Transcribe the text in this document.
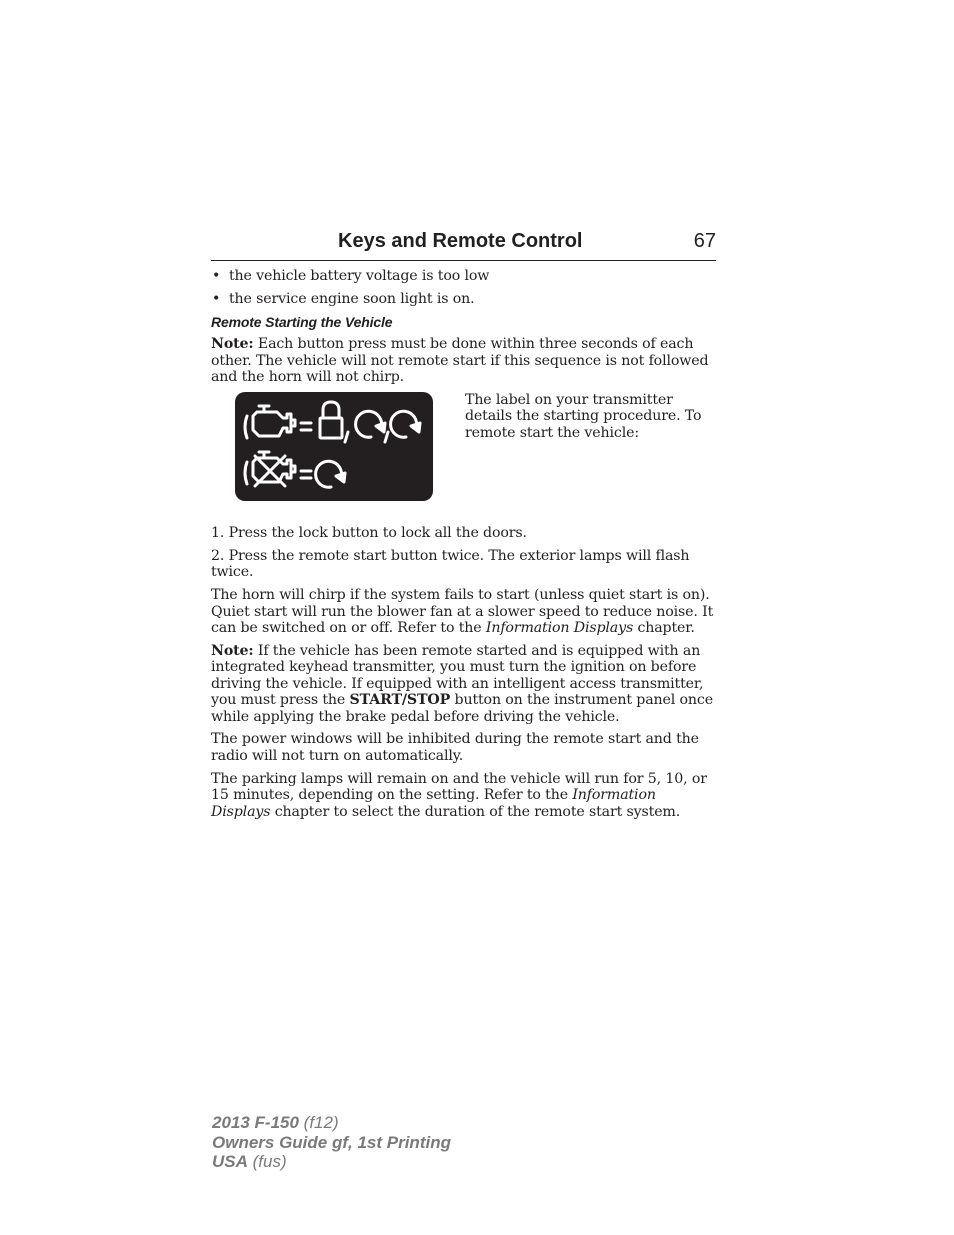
Keys and Remote Control	67
• the vehicle battery voltage is too low
• the service engine soon light is on.
Remote Starting the Vehicle

Note: Each button press must be done within three seconds of each other. The vehicle will not remote start if this sequence is not followed and the horn will not chirp.

The label on your transmitter details the starting procedure. To remote start the vehicle:

1. Press the lock button to lock all the doors.

2. Press the remote start button twice. The exterior lamps will flash twice.

The horn will chirp if the system fails to start (unless quiet start is on). Quiet start will run the blower fan at a slower speed to reduce noise. It can be switched on or off. Refer to the Information Displays chapter.

Note: If the vehicle has been remote started and is equipped with an integrated keyhead transmitter, you must turn the ignition on before driving the vehicle. If equipped with an intelligent access transmitter, you must press the START/STOP button on the instrument panel once while applying the brake pedal before driving the vehicle.

The power windows will be inhibited during the remote start and the radio will not turn on automatically.

The parking lamps will remain on and the vehicle will run for 5, 10, or 15 minutes, depending on the setting. Refer to the Information Displays chapter to select the duration of the remote start system.

2013 F-150 (f12)
Owners Guide gf, 1st Printing
USA (fus)
